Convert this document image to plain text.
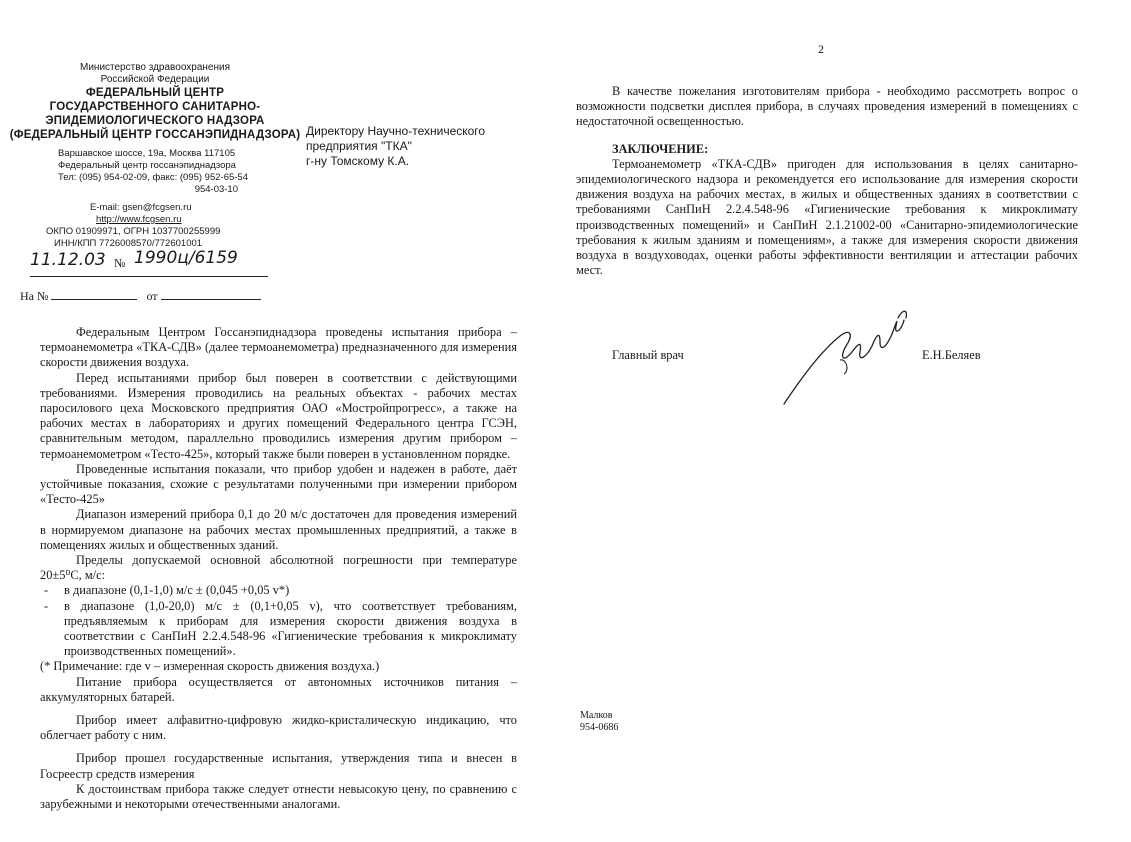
Министерство здравоохранения
Российской Федерации
ФЕДЕРАЛЬНЫЙ ЦЕНТР
ГОСУДАРСТВЕННОГО САНИТАРНО-
ЭПИДЕМИОЛОГИЧЕСКОГО НАДЗОРА
(ФЕДЕРАЛЬНЫЙ ЦЕНТР ГОССАНЭПИДНАДЗОРА)
Варшавское шоссе, 19а, Москва 117105
Федеральный центр госсанэпиднадзора
Тел: (095) 954-02-09, факс: (095) 952-65-54
954-03-10
E-mail: gsen@fcgsen.ru
http://www.fcgsen.ru
ОКПО 01909971, ОГРН 1037700255999
ИНН/КПП 7726008570/772601001
Директору Научно-технического
предприятия "ТКА"
г-ну Томскому К.А.
11.12.03 № 1990ц/6159
На №	от

Федеральным Центром Госсанэпиднадзора проведены испытания прибора – термоанемометра «ТКА-СДВ» (далее термоанемометра) предназначенного для измерения скорости движения воздуха.

Перед испытаниями прибор был поверен в соответствии с действующими требованиями. Измерения проводились на реальных объектах - рабочих местах паросилового цеха Московского предприятия ОАО «Мостройпрогресс», а также на рабочих местах в лабораториях и других помещений Федерального центра ГСЭН, сравнительным методом, параллельно проводились измерения другим прибором – термоанемометром «Тесто-425», который также были поверен в установленном порядке.

Проведенные испытания показали, что прибор удобен и надежен в работе, даёт устойчивые показания, схожие с результатами полученными при измерении прибором «Тесто-425»

Диапазон измерений прибора 0,1 до 20 м/с достаточен для проведения измерений в нормируемом диапазоне на рабочих местах промышленных предприятий, а также в помещениях жилых и общественных зданий.

Пределы допускаемой основной абсолютной погрешности при температуре 20±5⁰С, м/с:

- в диапазоне (0,1-1,0) м/с ± (0,045 +0,05 v*)

- в диапазоне (1,0-20,0) м/с ± (0,1+0,05 v), что соответствует требованиям, предъявляемым к приборам для измерения скорости движения воздуха в соответствии с СанПиН 2.2.4.548-96 «Гигиенические требования к микроклимату производственных помещений».

(* Примечание: где v – измеренная скорость движения воздуха.)

Питание прибора осуществляется от автономных источников питания – аккумуляторных батарей.

Прибор имеет алфавитно-цифровую жидко-кристалическую индикацию, что облегчает работу с ним.

Прибор прошел государственные испытания, утверждения типа и внесен в Госреестр средств измерения

К достоинствам прибора также следует отнести невысокую цену, по сравнению с зарубежными и некоторыми отечественными аналогами.

2

В качестве пожелания изготовителям прибора - необходимо рассмотреть вопрос о возможности подсветки дисплея прибора, в случаях проведения измерений в помещениях с недостаточной освещенностью.

ЗАКЛЮЧЕНИЕ:

Термоанемометр «ТКА-СДВ» пригоден для использования в целях санитарно-эпидемиологического надзора и рекомендуется его использование для измерения скорости движения воздуха на рабочих местах, в жилых и общественных зданиях в соответствии с требованиями СанПиН 2.2.4.548-96 «Гигиенические требования к микроклимату производственных помещений» и СанПиН 2.1.21002-00 «Санитарно-эпидемиологические требования к жилым зданиям и помещениям», а также для измерения скорости движения воздуха в воздуховодах, оценки работы эффективности вентиляции и аттестации рабочих мест.

Главный врач	Е.Н.Беляев
Малков
954-0686
